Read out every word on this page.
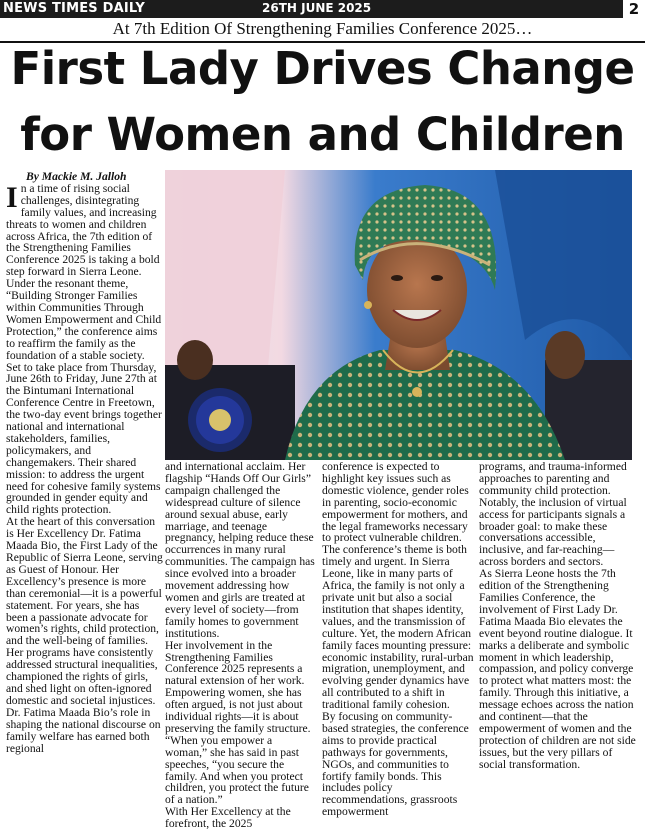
NEWS TIMES DAILY	26TH JUNE 2025	2
At 7th Edition Of Strengthening Families Conference 2025…
First Lady Drives Change
for Women and Children

By Mackie M. Jalloh

In a time of rising social challenges, disintegrating family values, and increasing threats to women and children across Africa, the 7th edition of the Strengthening Families Conference 2025 is taking a bold step forward in Sierra Leone. Under the resonant theme, “Building Stronger Families within Communities Through Women Empowerment and Child Protection,” the conference aims to reaffirm the family as the foundation of a stable society.

Set to take place from Thursday, June 26th to Friday, June 27th at the Bintumani International Conference Centre in Freetown, the two-day event brings together national and international stakeholders, families, policymakers, and changemakers. Their shared mission: to address the urgent need for cohesive family systems grounded in gender equity and child rights protection.

At the heart of this conversation is Her Excellency Dr. Fatima Maada Bio, the First Lady of the Republic of Sierra Leone, serving as Guest of Honour. Her Excellency’s presence is more than ceremonial—it is a powerful statement. For years, she has been a passionate advocate for women’s rights, child protection, and the well-being of families. Her programs have consistently addressed structural inequalities, championed the rights of girls, and shed light on often-ignored domestic and societal injustices.

Dr. Fatima Maada Bio’s role in shaping the national discourse on family welfare has earned both regional

and international acclaim. Her flagship “Hands Off Our Girls” campaign challenged the widespread culture of silence around sexual abuse, early marriage, and teenage pregnancy, helping reduce these occurrences in many rural communities. The campaign has since evolved into a broader movement addressing how women and girls are treated at every level of society—from family homes to government institutions.

Her involvement in the Strengthening Families Conference 2025 represents a natural extension of her work. Empowering women, she has often argued, is not just about individual rights—it is about preserving the family structure. “When you empower a woman,” she has said in past speeches, “you secure the family. And when you protect children, you protect the future of a nation.”

With Her Excellency at the forefront, the 2025

conference is expected to highlight key issues such as domestic violence, gender roles in parenting, socio-economic empowerment for mothers, and the legal frameworks necessary to protect vulnerable children. The conference’s theme is both timely and urgent. In Sierra Leone, like in many parts of Africa, the family is not only a private unit but also a social institution that shapes identity, values, and the transmission of culture. Yet, the modern African family faces mounting pressure: economic instability, rural-urban migration, unemployment, and evolving gender dynamics have all contributed to a shift in traditional family cohesion.

By focusing on community-based strategies, the conference aims to provide practical pathways for governments, NGOs, and communities to fortify family bonds. This includes policy recommendations, grassroots empowerment

programs, and trauma-informed approaches to parenting and community child protection.

Notably, the inclusion of virtual access for participants signals a broader goal: to make these conversations accessible, inclusive, and far-reaching—across borders and sectors.

As Sierra Leone hosts the 7th edition of the Strengthening Families Conference, the involvement of First Lady Dr. Fatima Maada Bio elevates the event beyond routine dialogue. It marks a deliberate and symbolic moment in which leadership, compassion, and policy converge to protect what matters most: the family. Through this initiative, a message echoes across the nation and continent—that the empowerment of women and the protection of children are not side issues, but the very pillars of social transformation.
